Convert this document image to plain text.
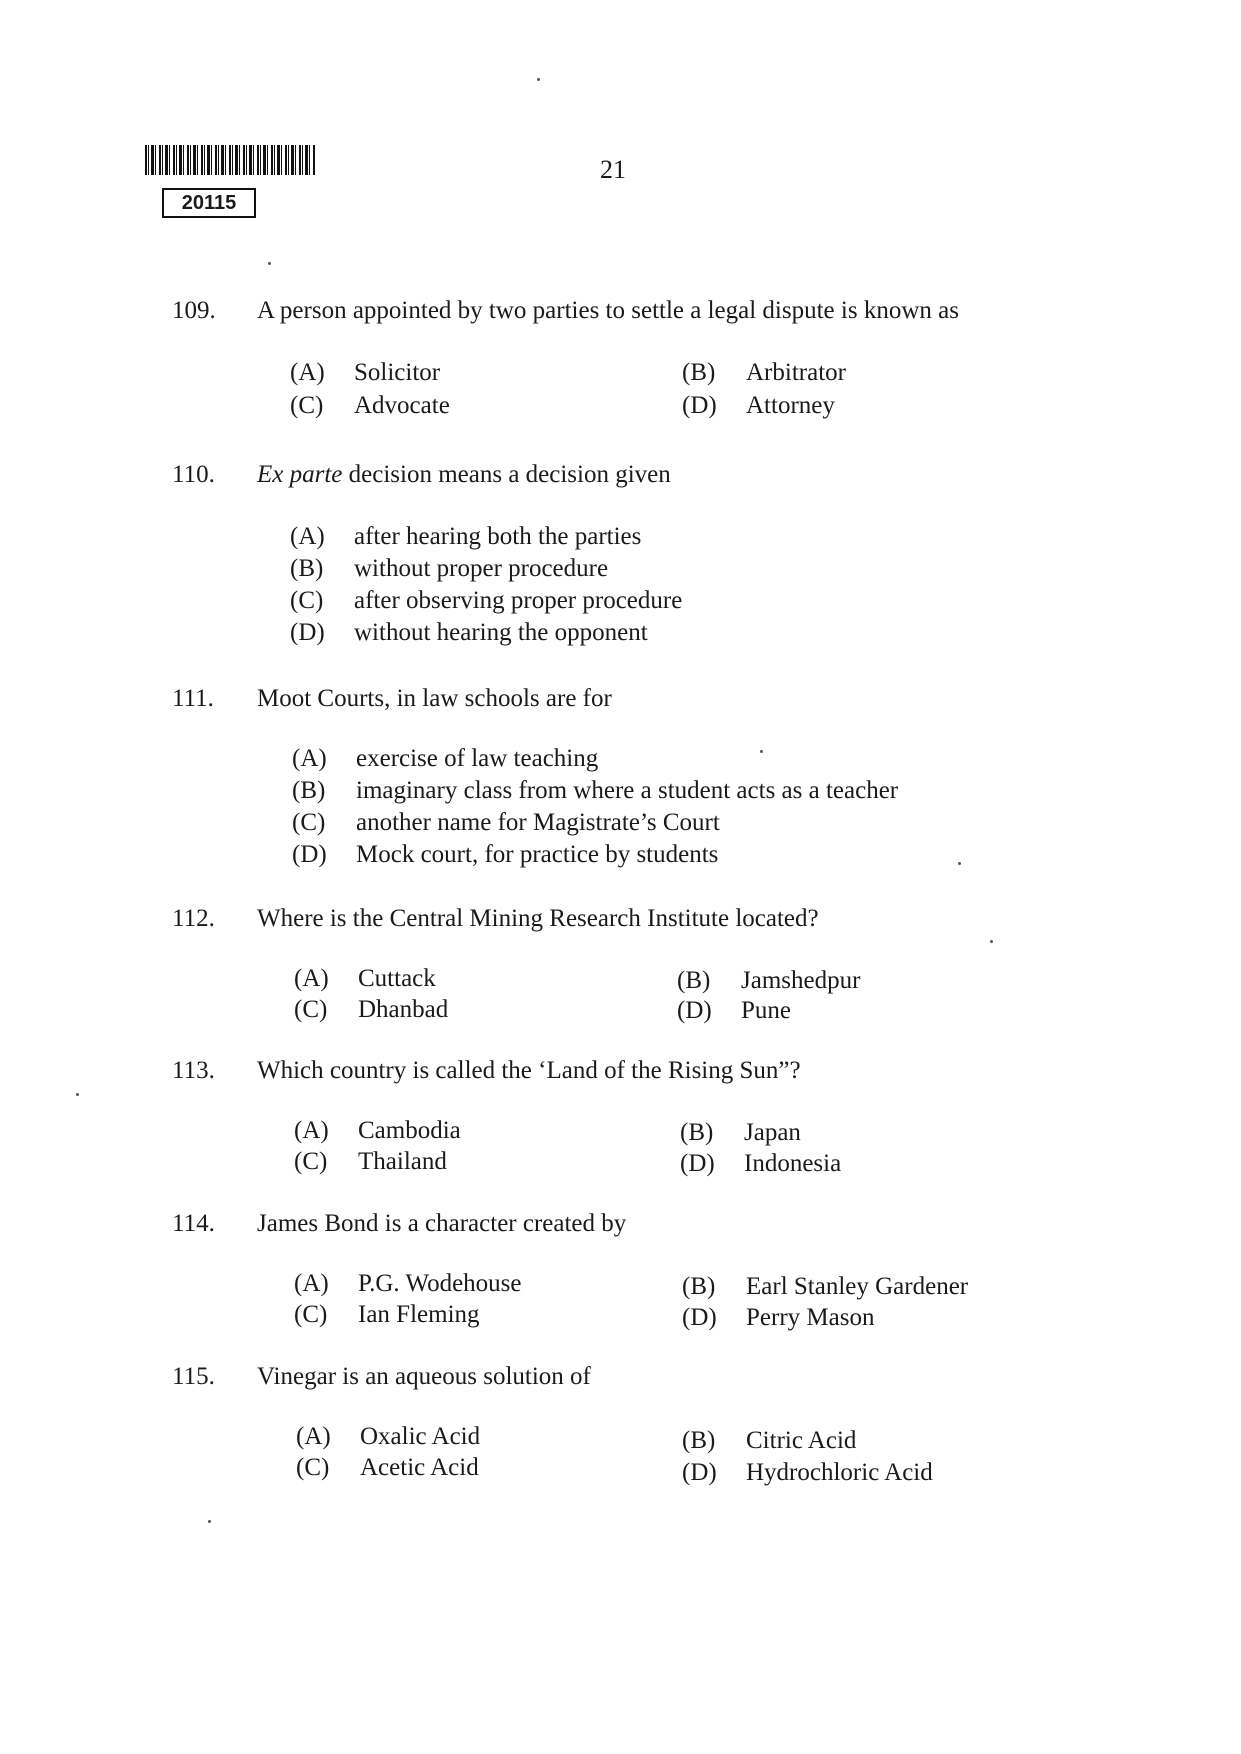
20115
21
109. A person appointed by two parties to settle a legal dispute is known as
(A) Solicitor	(B) Arbitrator
(C) Advocate	(D) Attorney
110. Ex parte decision means a decision given
(A) after hearing both the parties
(B) without proper procedure
(C) after observing proper procedure
(D) without hearing the opponent
111. Moot Courts, in law schools are for
(A) exercise of law teaching
(B) imaginary class from where a student acts as a teacher
(C) another name for Magistrate’s Court
(D) Mock court, for practice by students
112. Where is the Central Mining Research Institute located?
(A) Cuttack	(B) Jamshedpur
(C) Dhanbad	(D) Pune
113. Which country is called the ‘Land of the Rising Sun”?
(A) Cambodia	(B) Japan
(C) Thailand	(D) Indonesia
114. James Bond is a character created by
(A) P.G. Wodehouse	(B) Earl Stanley Gardener
(C) Ian Fleming	(D) Perry Mason
115. Vinegar is an aqueous solution of
(A) Oxalic Acid	(B) Citric Acid
(C) Acetic Acid	(D) Hydrochloric Acid
